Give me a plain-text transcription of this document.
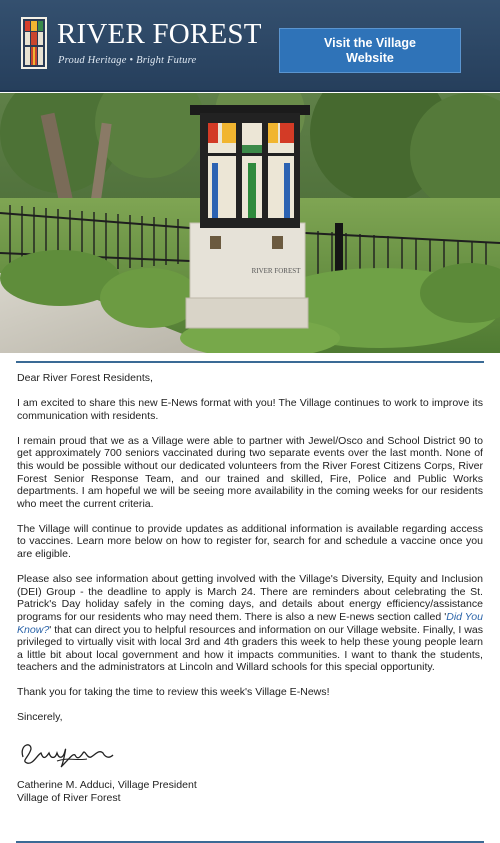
RIVER FOREST
Proud Heritage • Bright Future
Visit the Village Website
RIVER FOREST

Dear River Forest Residents,

I am excited to share this new E-News format with you! The Village continues to work to improve its communication with residents.

I remain proud that we as a Village were able to partner with Jewel/Osco and School District 90 to get approximately 700 seniors vaccinated during two separate events over the last month. None of this would be possible without our dedicated volunteers from the River Forest Citizens Corps, River Forest Senior Response Team, and our trained and skilled, Fire, Police and Public Works departments. I am hopeful we will be seeing more availability in the coming weeks for our residents who meet the current criteria.

The Village will continue to provide updates as additional information is available regarding access to vaccines. Learn more below on how to register for, search for and schedule a vaccine once you are eligible.

Please also see information about getting involved with the Village's Diversity, Equity and Inclusion (DEI) Group - the deadline to apply is March 24. There are reminders about celebrating the St. Patrick's Day holiday safely in the coming days, and details about energy efficiency/assistance programs for our residents who may need them. There is also a new E-news section called 'Did You Know?' that can direct you to helpful resources and information on our Village website. Finally, I was privileged to virtually visit with local 3rd and 4th graders this week to help these young people learn a little bit about local government and how it impacts communities. I want to thank the students, teachers and the administrators at Lincoln and Willard schools for this special opportunity.

Thank you for taking the time to review this week's Village E-News!

Sincerely,

Catherine M. Adduci, Village President

Village of River Forest
